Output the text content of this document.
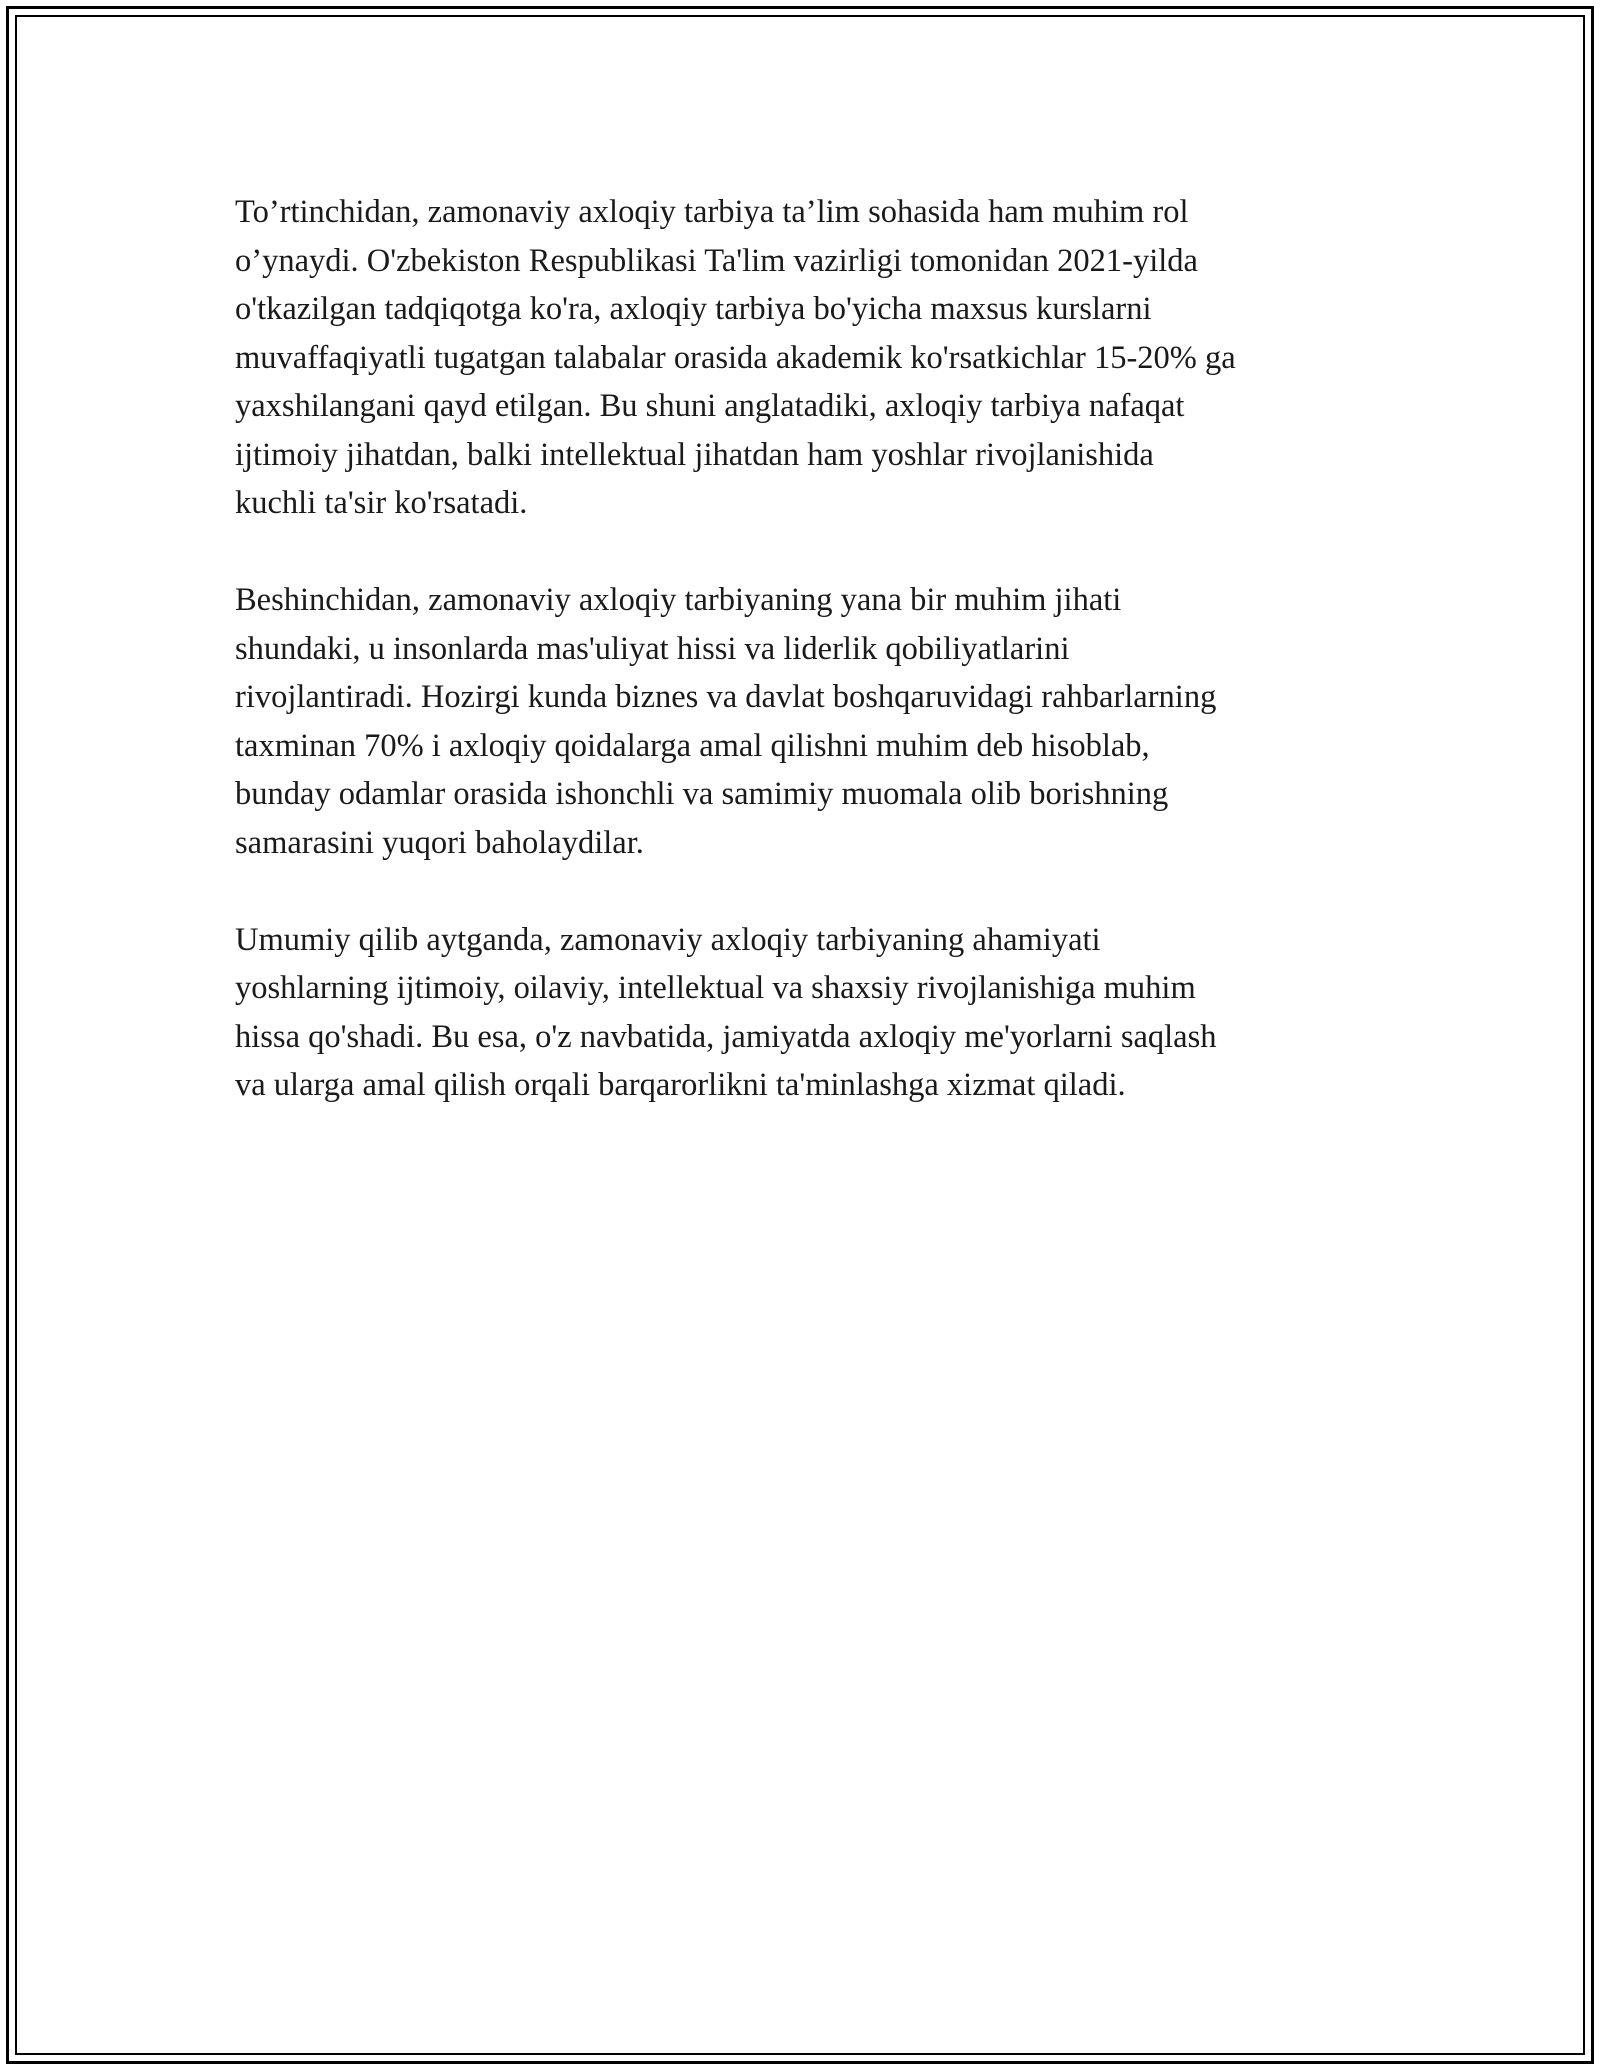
To’rtinchidan, zamonaviy axloqiy tarbiya ta’lim sohasida ham muhim rol
o’ynaydi. O'zbekiston Respublikasi Ta'lim vazirligi tomonidan 2021-yilda
o'tkazilgan tadqiqotga ko'ra, axloqiy tarbiya bo'yicha maxsus kurslarni
muvaffaqiyatli tugatgan talabalar orasida akademik ko'rsatkichlar 15-20% ga
yaxshilangani qayd etilgan. Bu shuni anglatadiki, axloqiy tarbiya nafaqat
ijtimoiy jihatdan, balki intellektual jihatdan ham yoshlar rivojlanishida
kuchli ta'sir ko'rsatadi.

Beshinchidan, zamonaviy axloqiy tarbiyaning yana bir muhim jihati
shundaki, u insonlarda mas'uliyat hissi va liderlik qobiliyatlarini
rivojlantiradi. Hozirgi kunda biznes va davlat boshqaruvidagi rahbarlarning
taxminan 70% i axloqiy qoidalarga amal qilishni muhim deb hisoblab,
bunday odamlar orasida ishonchli va samimiy muomala olib borishning
samarasini yuqori baholaydilar.

Umumiy qilib aytganda, zamonaviy axloqiy tarbiyaning ahamiyati
yoshlarning ijtimoiy, oilaviy, intellektual va shaxsiy rivojlanishiga muhim
hissa qo'shadi. Bu esa, o'z navbatida, jamiyatda axloqiy me'yorlarni saqlash
va ularga amal qilish orqali barqarorlikni ta'minlashga xizmat qiladi.
